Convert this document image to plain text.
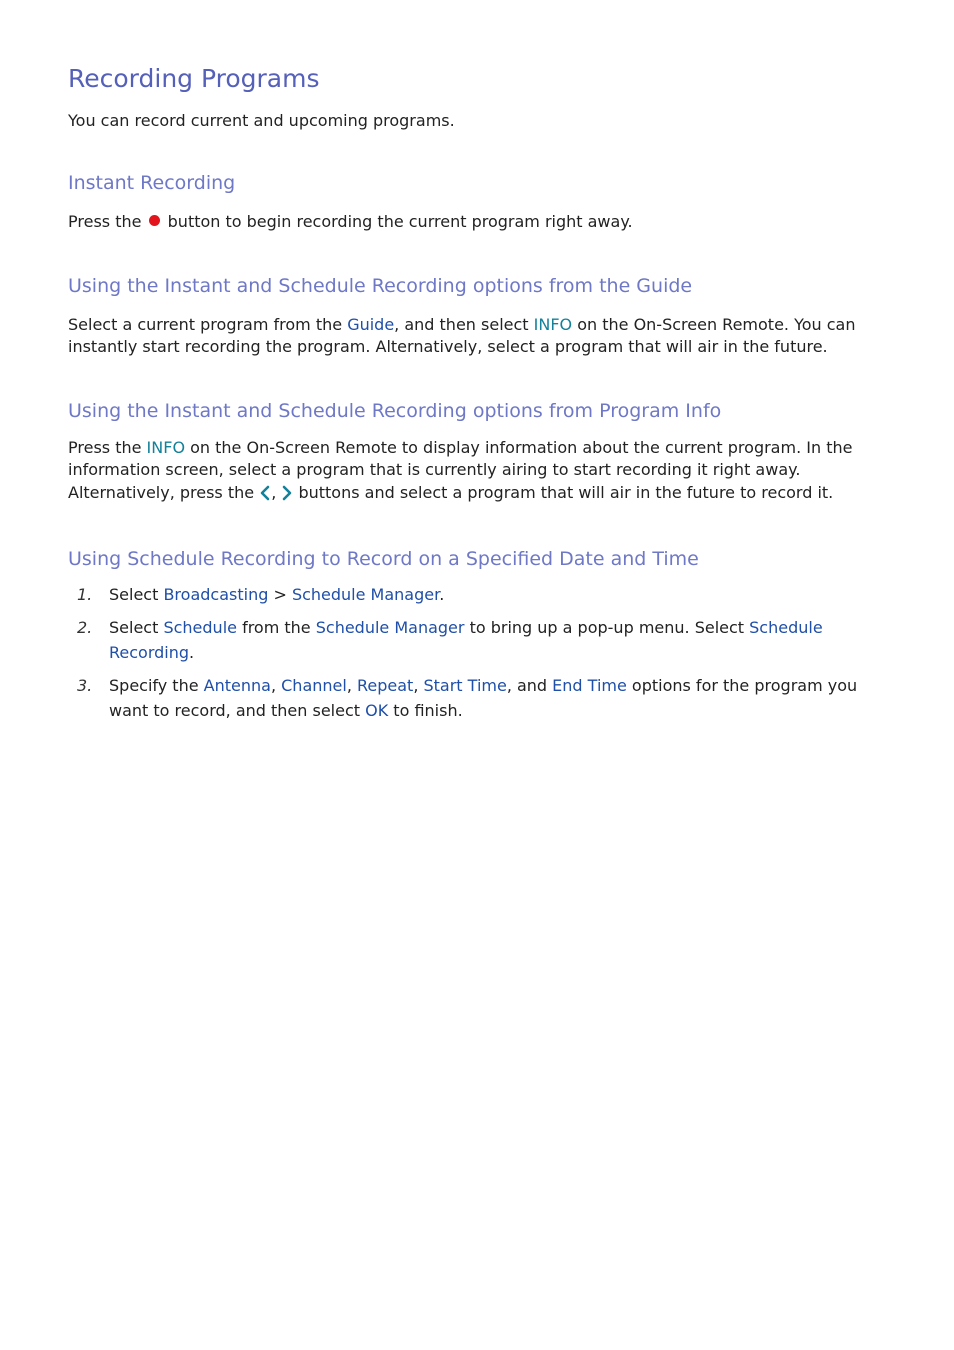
Recording Programs

You can record current and upcoming programs.

Instant Recording

Press the button to begin recording the current program right away.

Using the Instant and Schedule Recording options from the Guide

Select a current program from the Guide, and then select INFO on the On-Screen Remote. You can instantly start recording the program. Alternatively, select a program that will air in the future.

Using the Instant and Schedule Recording options from Program Info

Press the INFO on the On-Screen Remote to display information about the current program. In the information screen, select a program that is currently airing to start recording it right away. Alternatively, press the ,  buttons and select a program that will air in the future to record it.

Using Schedule Recording to Record on a Specified Date and Time
1. Select Broadcasting > Schedule Manager.
2. Select Schedule from the Schedule Manager to bring up a pop-up menu. Select Schedule Recording.
3. Specify the Antenna, Channel, Repeat, Start Time, and End Time options for the program you want to record, and then select OK to finish.
